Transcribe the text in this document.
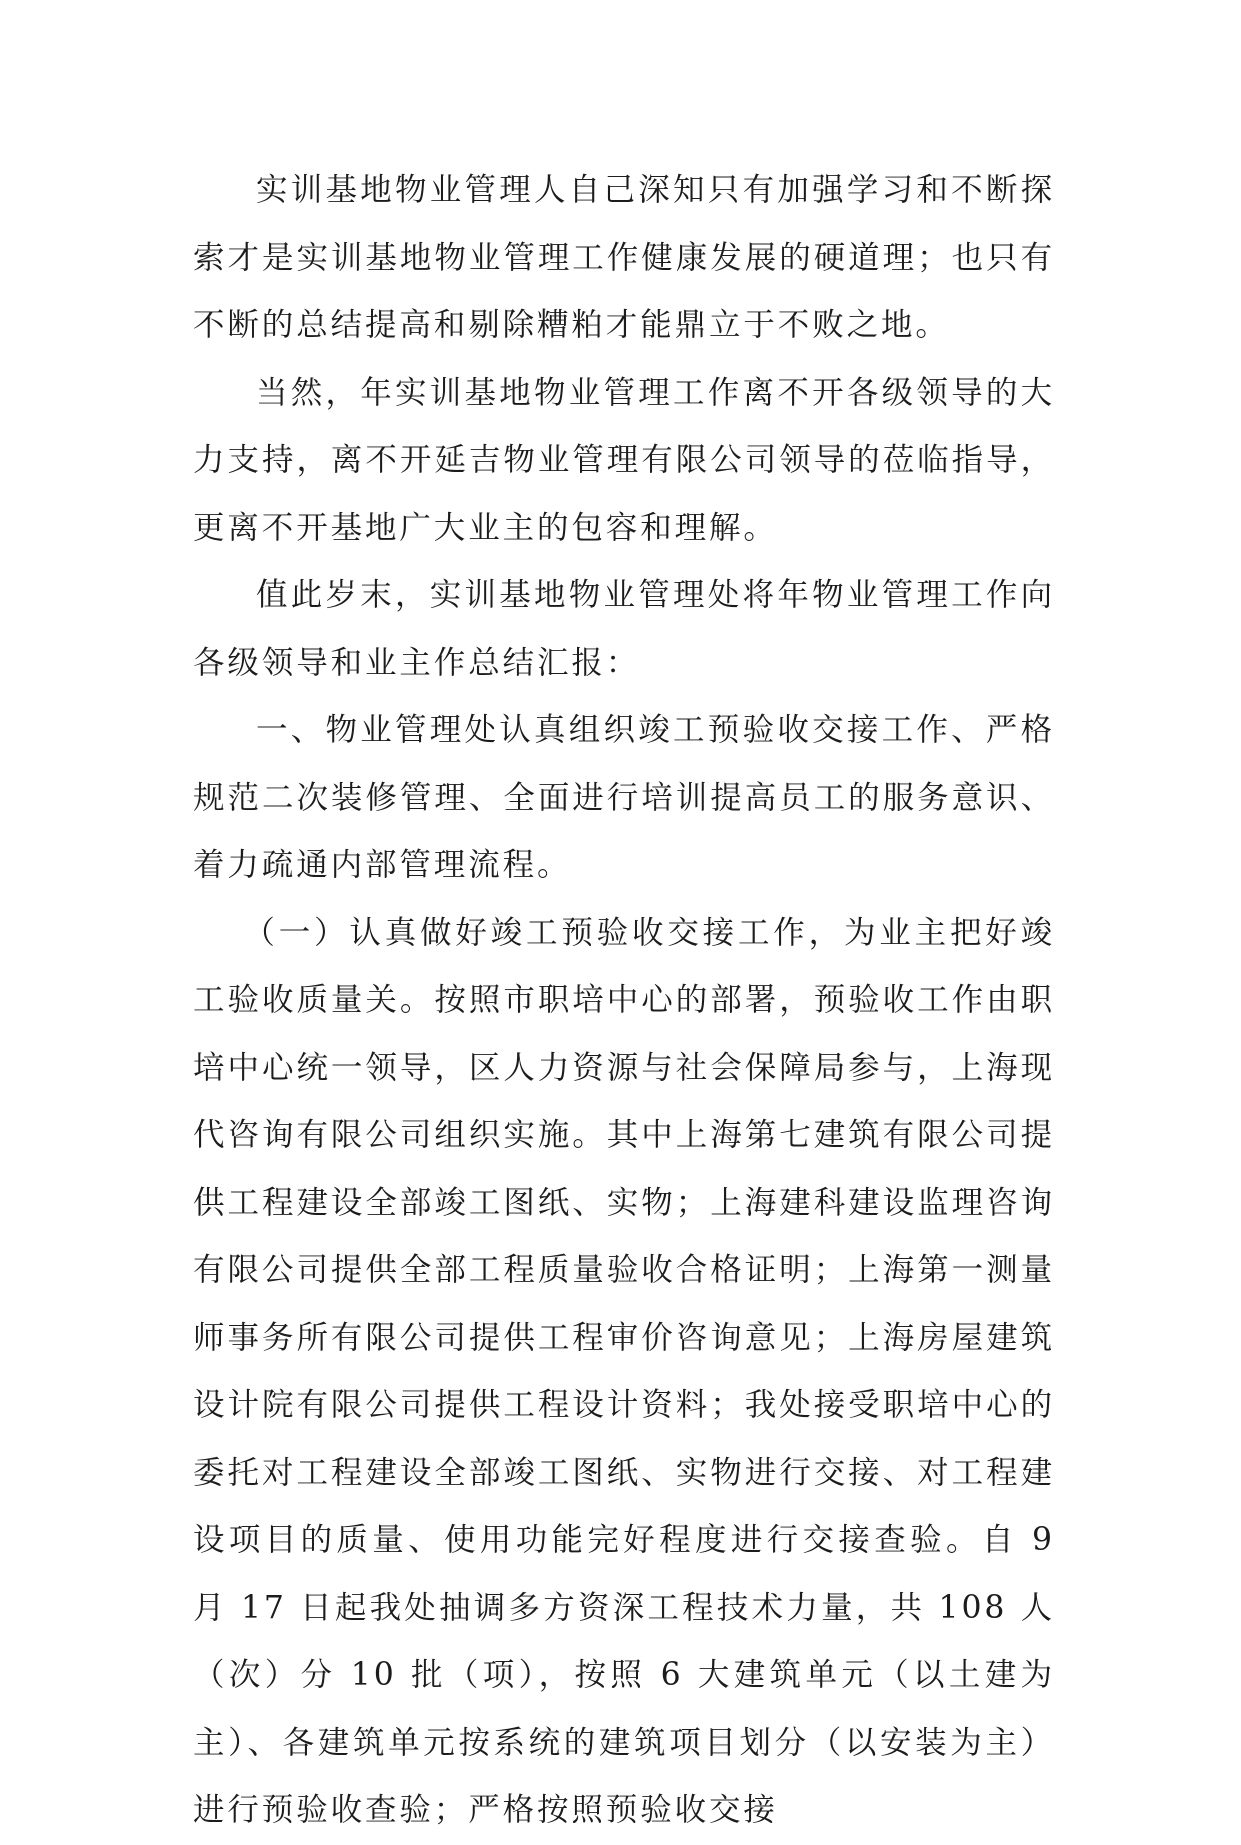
实训基地物业管理人自己深知只有加强学习和不断探索才是实训基地物业管理工作健康发展的硬道理；也只有不断的总结提高和剔除糟粕才能鼎立于不败之地。

当然，年实训基地物业管理工作离不开各级领导的大力支持，离不开延吉物业管理有限公司领导的莅临指导，更离不开基地广大业主的包容和理解。

值此岁末，实训基地物业管理处将年物业管理工作向各级领导和业主作总结汇报：

一、物业管理处认真组织竣工预验收交接工作、严格规范二次装修管理、全面进行培训提高员工的服务意识、着力疏通内部管理流程。

（一）认真做好竣工预验收交接工作，为业主把好竣工验收质量关。按照市职培中心的部署，预验收工作由职培中心统一领导，区人力资源与社会保障局参与，上海现代咨询有限公司组织实施。其中上海第七建筑有限公司提供工程建设全部竣工图纸、实物；上海建科建设监理咨询有限公司提供全部工程质量验收合格证明；上海第一测量师事务所有限公司提供工程审价咨询意见；上海房屋建筑设计院有限公司提供工程设计资料；我处接受职培中心的委托对工程建设全部竣工图纸、实物进行交接、对工程建设项目的质量、使用功能完好程度进行交接查验。自 9 月 17 日起我处抽调多方资深工程技术力量，共 108 人（次）分 10 批（项），按照 6 大建筑单元（以土建为主）、各建筑单元按系统的建筑项目划分（以安装为主）进行预验收查验；严格按照预验收交接
